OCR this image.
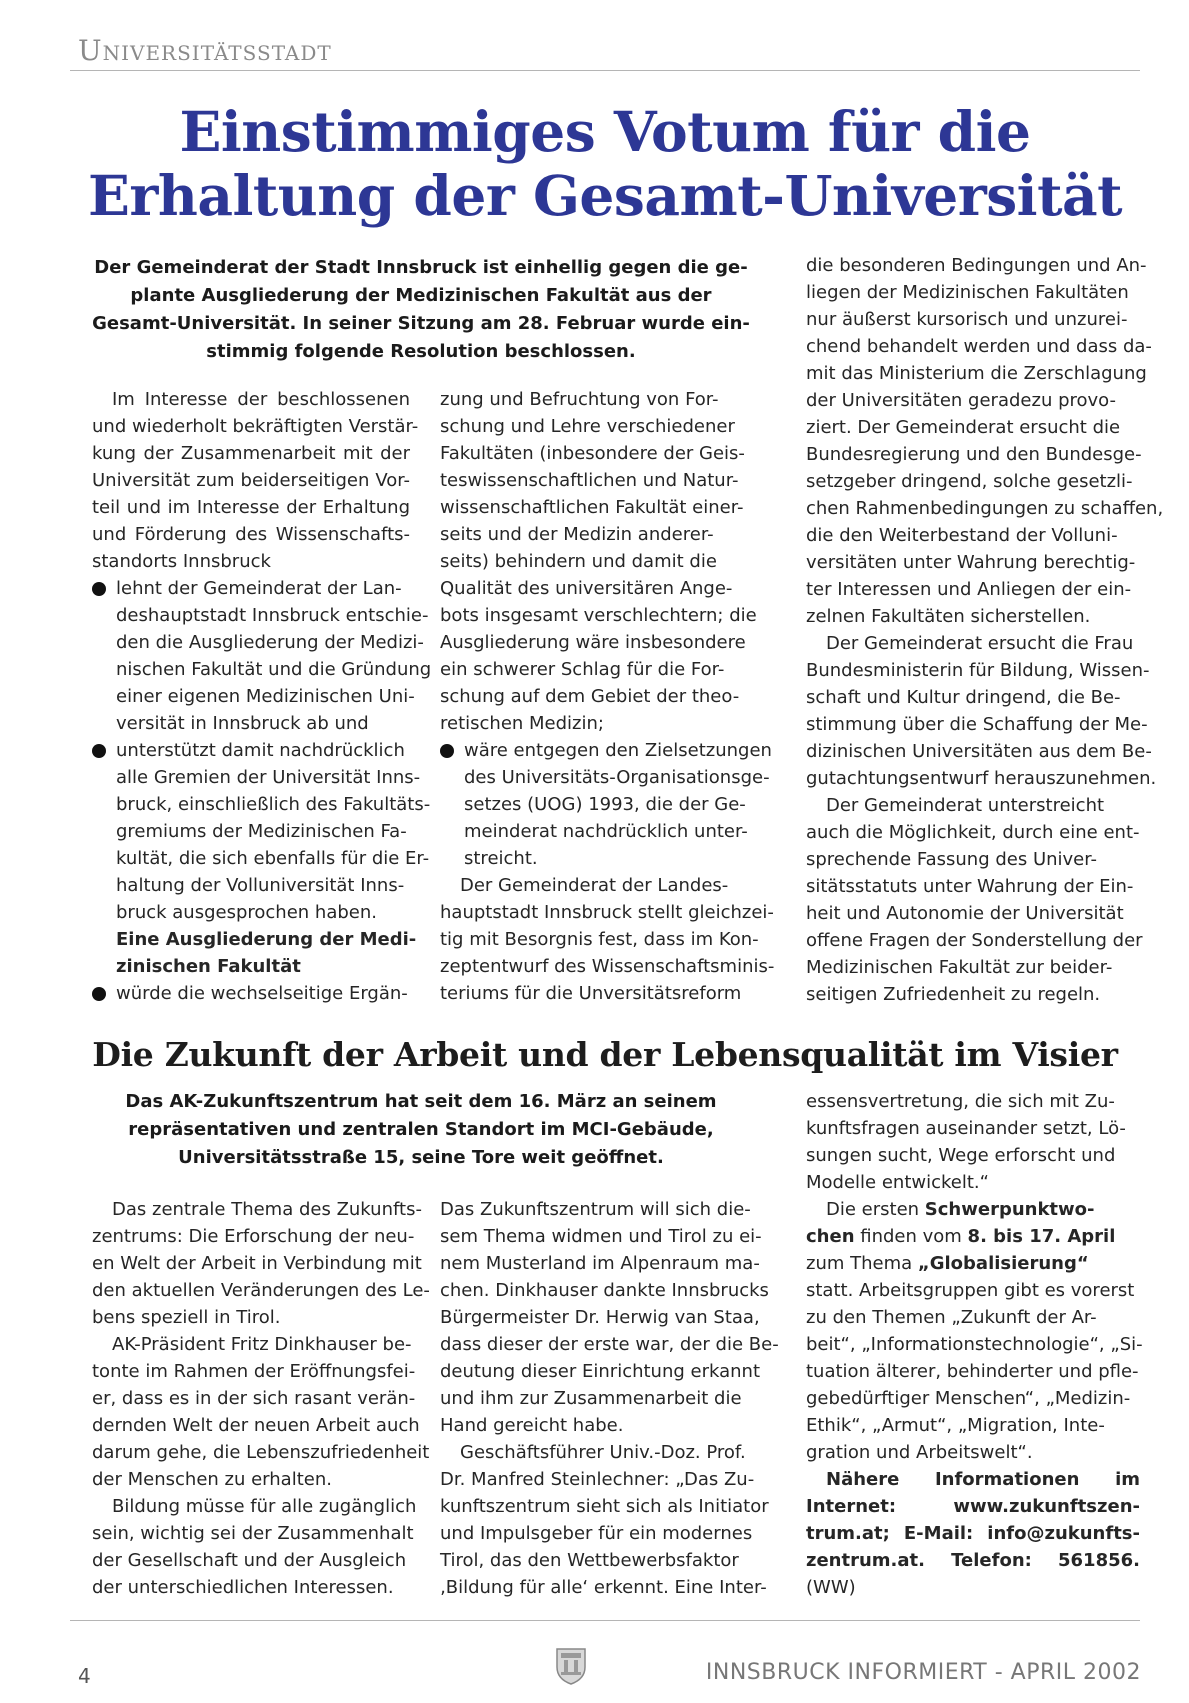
Universitätsstadt
Einstimmiges Votum für die
Erhaltung der Gesamt-Universität
Der Gemeinderat der Stadt Innsbruck ist einhellig gegen die ge-
plante Ausgliederung der Medizinischen Fakultät aus der
Gesamt-Universität. In seiner Sitzung am 28. Februar wurde ein-
stimmig folgende Resolution beschlossen.
Im Interesse der beschlossenen
und wiederholt bekräftigten Verstär-
kung der Zusammenarbeit mit der
Universität zum beiderseitigen Vor-
teil und im Interesse der Erhaltung
und Förderung des Wissenschafts-
standorts Innsbruck
lehnt der Gemeinderat der Lan-
deshauptstadt Innsbruck entschie-
den die Ausgliederung der Medizi-
nischen Fakultät und die Gründung
einer eigenen Medizinischen Uni-
versität in Innsbruck ab und
unterstützt damit nachdrücklich
alle Gremien der Universität Inns-
bruck, einschließlich des Fakultäts-
gremiums der Medizinischen Fa-
kultät, die sich ebenfalls für die Er-
haltung der Volluniversität Inns-
bruck ausgesprochen haben.
Eine Ausgliederung der Medi-
zinischen Fakultät
würde die wechselseitige Ergän-
zung und Befruchtung von For-
schung und Lehre verschiedener
Fakultäten (inbesondere der Geis-
teswissenschaftlichen und Natur-
wissenschaftlichen Fakultät einer-
seits und der Medizin anderer-
seits) behindern und damit die
Qualität des universitären Ange-
bots insgesamt verschlechtern; die
Ausgliederung wäre insbesondere
ein schwerer Schlag für die For-
schung auf dem Gebiet der theo-
retischen Medizin;
wäre entgegen den Zielsetzungen
des Universitäts-Organisationsge-
setzes (UOG) 1993, die der Ge-
meinderat nachdrücklich unter-
streicht.
Der Gemeinderat der Landes-
hauptstadt Innsbruck stellt gleichzei-
tig mit Besorgnis fest, dass im Kon-
zeptentwurf des Wissenschaftsminis-
teriums für die Unversitätsreform
die besonderen Bedingungen und An-
liegen der Medizinischen Fakultäten
nur äußerst kursorisch und unzurei-
chend behandelt werden und dass da-
mit das Ministerium die Zerschlagung
der Universitäten geradezu provo-
ziert. Der Gemeinderat ersucht die
Bundesregierung und den Bundesge-
setzgeber dringend, solche gesetzli-
chen Rahmenbedingungen zu schaffen,
die den Weiterbestand der Volluni-
versitäten unter Wahrung berechtig-
ter Interessen und Anliegen der ein-
zelnen Fakultäten sicherstellen.
Der Gemeinderat ersucht die Frau
Bundesministerin für Bildung, Wissen-
schaft und Kultur dringend, die Be-
stimmung über die Schaffung der Me-
dizinischen Universitäten aus dem Be-
gutachtungsentwurf herauszunehmen.
Der Gemeinderat unterstreicht
auch die Möglichkeit, durch eine ent-
sprechende Fassung des Univer-
sitätsstatuts unter Wahrung der Ein-
heit und Autonomie der Universität
offene Fragen der Sonderstellung der
Medizinischen Fakultät zur beider-
seitigen Zufriedenheit zu regeln.
Die Zukunft der Arbeit und der Lebensqualität im Visier
Das AK-Zukunftszentrum hat seit dem 16. März an seinem
repräsentativen und zentralen Standort im MCI-Gebäude,
Universitätsstraße 15, seine Tore weit geöffnet.
Das zentrale Thema des Zukunfts-
zentrums: Die Erforschung der neu-
en Welt der Arbeit in Verbindung mit
den aktuellen Veränderungen des Le-
bens speziell in Tirol.
AK-Präsident Fritz Dinkhauser be-
tonte im Rahmen der Eröffnungsfei-
er, dass es in der sich rasant verän-
dernden Welt der neuen Arbeit auch
darum gehe, die Lebenszufriedenheit
der Menschen zu erhalten.
Bildung müsse für alle zugänglich
sein, wichtig sei der Zusammenhalt
der Gesellschaft und der Ausgleich
der unterschiedlichen Interessen.
Das Zukunftszentrum will sich die-
sem Thema widmen und Tirol zu ei-
nem Musterland im Alpenraum ma-
chen. Dinkhauser dankte Innsbrucks
Bürgermeister Dr. Herwig van Staa,
dass dieser der erste war, der die Be-
deutung dieser Einrichtung erkannt
und ihm zur Zusammenarbeit die
Hand gereicht habe.
Geschäftsführer Univ.-Doz. Prof.
Dr. Manfred Steinlechner: „Das Zu-
kunftszentrum sieht sich als Initiator
und Impulsgeber für ein modernes
Tirol, das den Wettbewerbsfaktor
‚Bildung für alle‘ erkennt. Eine Inter-
essensvertretung, die sich mit Zu-
kunftsfragen auseinander setzt, Lö-
sungen sucht, Wege erforscht und
Modelle entwickelt.“
Die ersten Schwerpunktwo-
chen finden vom 8. bis 17. April
zum Thema „Globalisierung“
statt. Arbeitsgruppen gibt es vorerst
zu den Themen „Zukunft der Ar-
beit“, „Informationstechnologie“, „Si-
tuation älterer, behinderter und pfle-
gebedürftiger Menschen“, „Medizin-
Ethik“, „Armut“, „Migration, Inte-
gration und Arbeitswelt“.
Nähere Informationen im
Internet: www.zukunftszen-
trum.at; E-Mail: info@zukunfts-
zentrum.at. Telefon: 561856.
(WW)
4	INNSBRUCK INFORMIERT - APRIL 2002
